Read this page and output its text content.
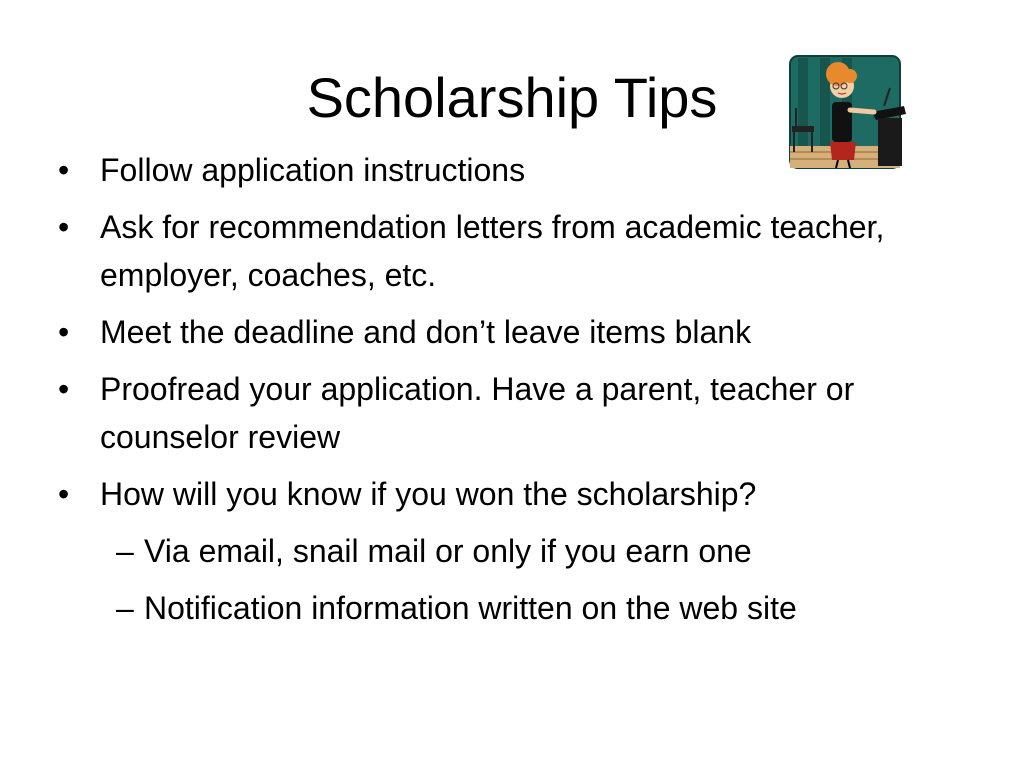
Scholarship Tips
• Follow application instructions
• Ask for recommendation letters from academic teacher, employer, coaches, etc.
• Meet the deadline and don’t leave items blank
• Proofread your application. Have a parent, teacher or counselor review
• How will you know if you won the scholarship?
– Via email, snail mail or only if you earn one
– Notification information written on the web site
